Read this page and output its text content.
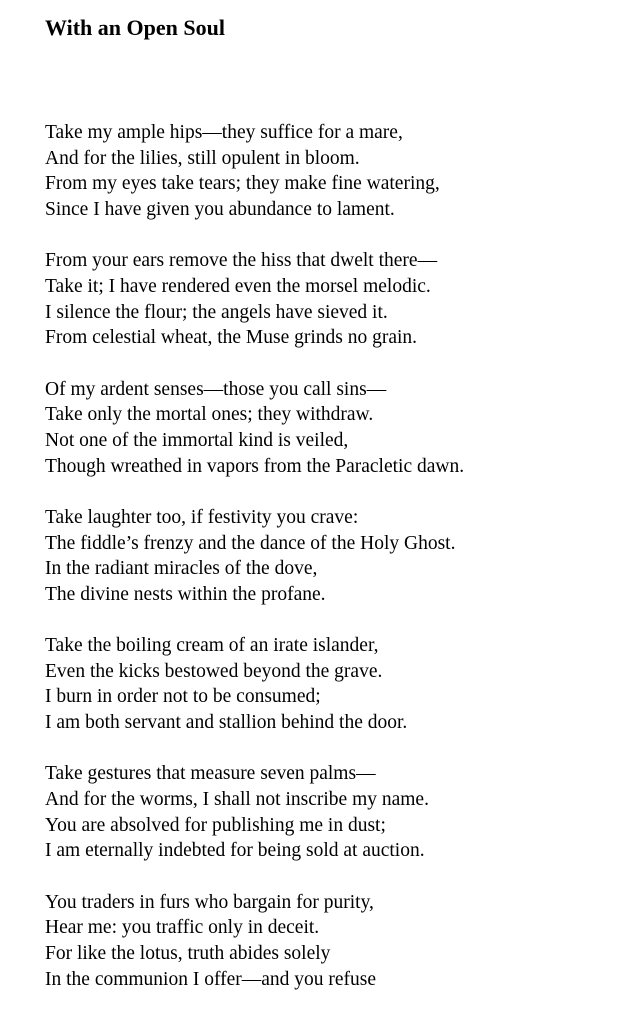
With an Open Soul
Take my ample hips—they suffice for a mare,
And for the lilies, still opulent in bloom.
From my eyes take tears; they make fine watering,
Since I have given you abundance to lament.
From your ears remove the hiss that dwelt there—
Take it; I have rendered even the morsel melodic.
I silence the flour; the angels have sieved it.
From celestial wheat, the Muse grinds no grain.
Of my ardent senses—those you call sins—
Take only the mortal ones; they withdraw.
Not one of the immortal kind is veiled,
Though wreathed in vapors from the Paracletic dawn.
Take laughter too, if festivity you crave:
The fiddle’s frenzy and the dance of the Holy Ghost.
In the radiant miracles of the dove,
The divine nests within the profane.
Take the boiling cream of an irate islander,
Even the kicks bestowed beyond the grave.
I burn in order not to be consumed;
I am both servant and stallion behind the door.
Take gestures that measure seven palms—
And for the worms, I shall not inscribe my name.
You are absolved for publishing me in dust;
I am eternally indebted for being sold at auction.
You traders in furs who bargain for purity,
Hear me: you traffic only in deceit.
For like the lotus, truth abides solely
In the communion I offer—and you refuse
